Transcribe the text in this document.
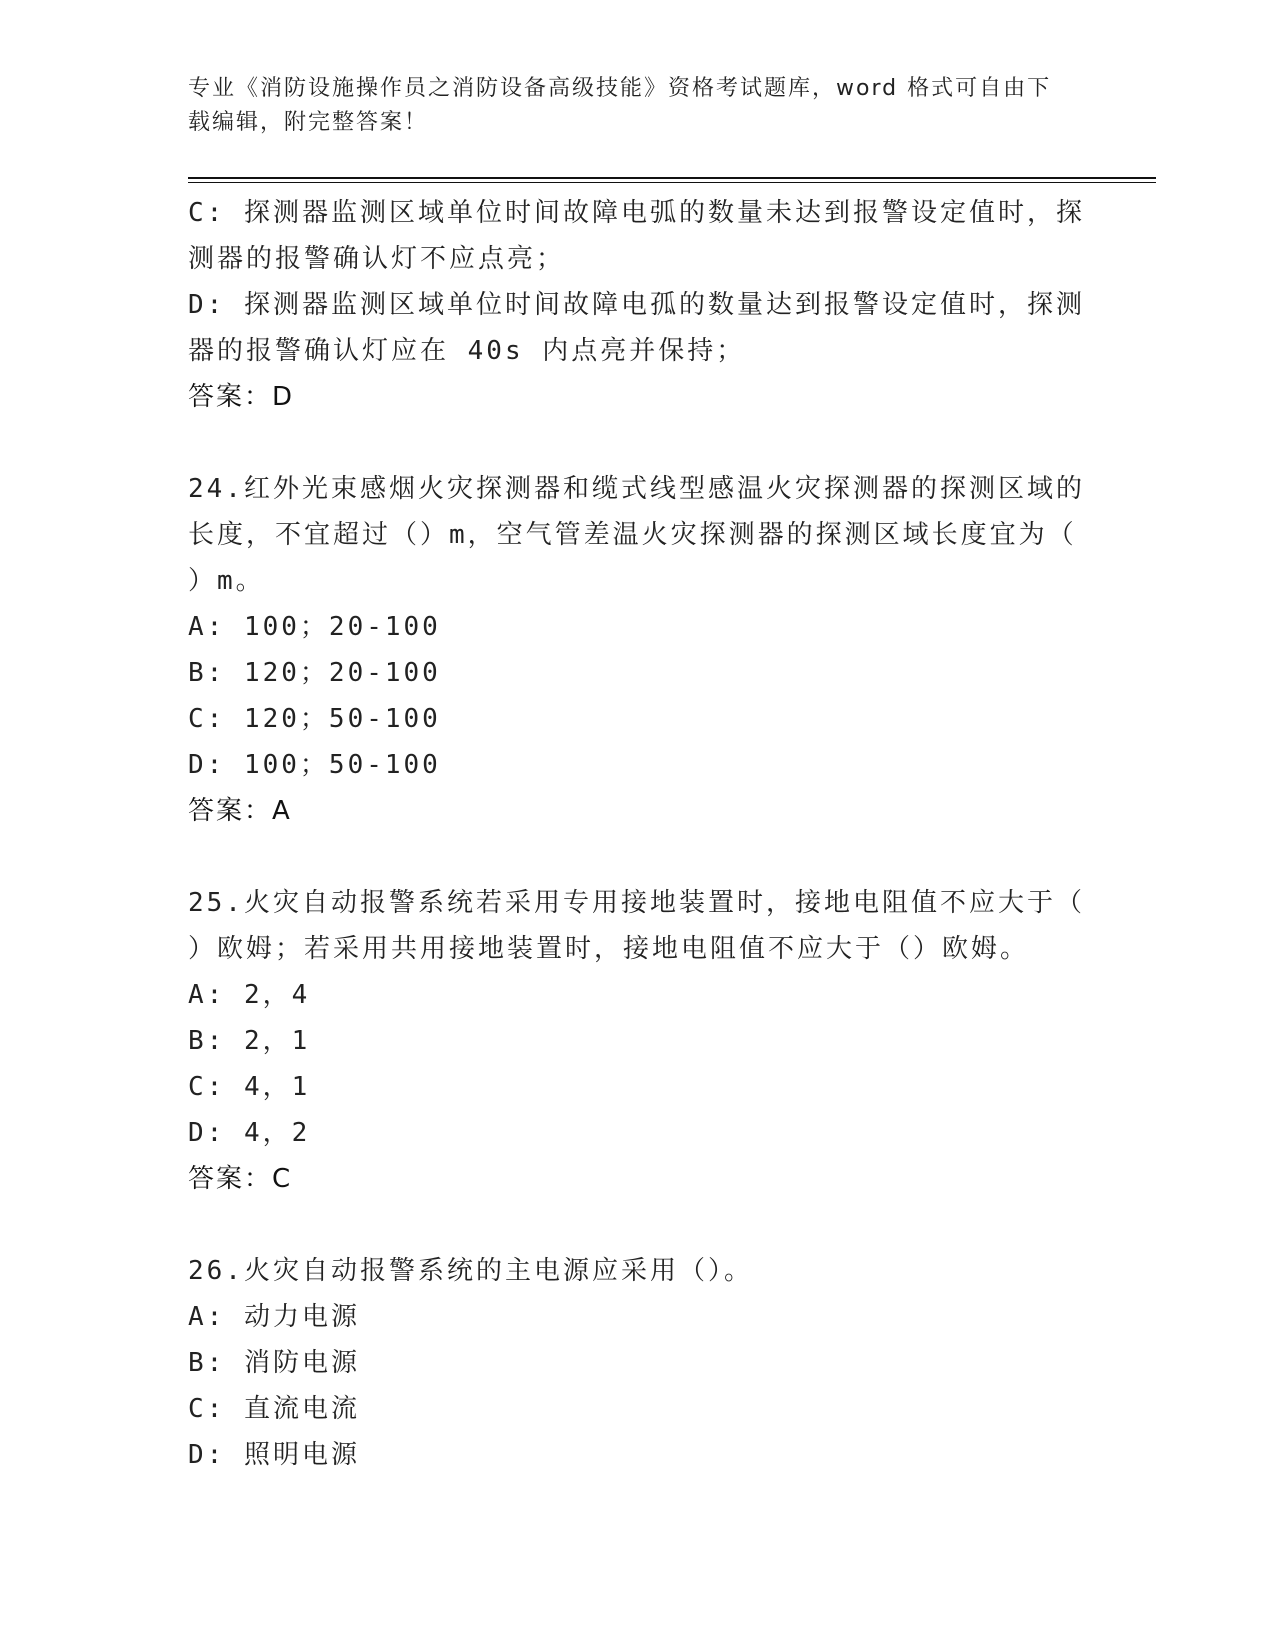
专业《消防设施操作员之消防设备高级技能》资格考试题库，word 格式可自由下
载编辑，附完整答案！
C: 探测器监测区域单位时间故障电弧的数量未达到报警设定值时，探
测器的报警确认灯不应点亮；
D: 探测器监测区域单位时间故障电孤的数量达到报警设定值时，探测
器的报警确认灯应在 40s 内点亮并保持；
答案：D
24.红外光束感烟火灾探测器和缆式线型感温火灾探测器的探测区域的
长度，不宜超过（）m，空气管差温火灾探测器的探测区域长度宜为（
）m。
A: 100；20-100
B: 120；20-100
C: 120；50-100
D: 100；50-100
答案：A
25.火灾自动报警系统若采用专用接地装置时，接地电阻值不应大于（
）欧姆；若采用共用接地装置时，接地电阻值不应大于（）欧姆。
A: 2，4
B: 2，1
C: 4，1
D: 4，2
答案：C
26.火灾自动报警系统的主电源应采用（）。
A: 动力电源
B: 消防电源
C: 直流电流
D: 照明电源
